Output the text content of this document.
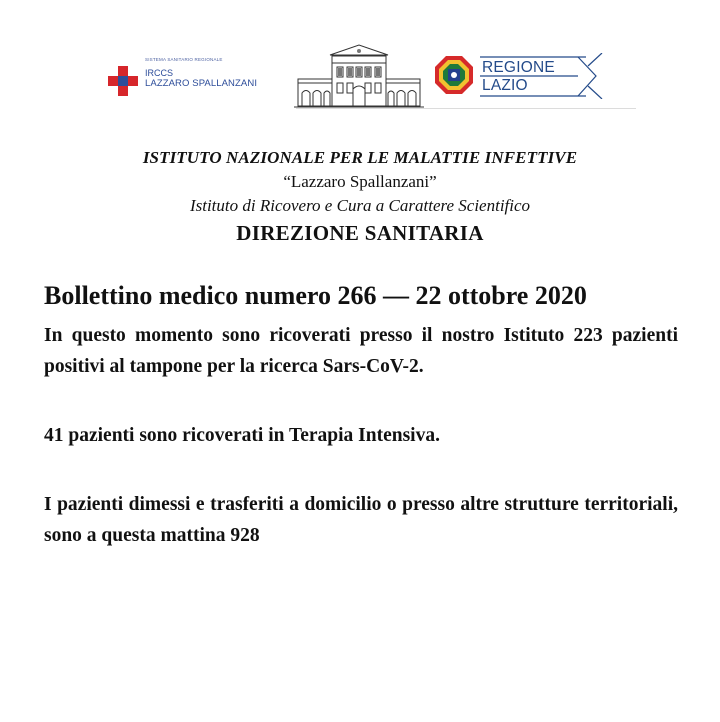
SISTEMA SANITARIO REGIONALE
IRCCS
LAZZARO SPALLANZANI
REGIONE
LAZIO
ISTITUTO NAZIONALE PER LE MALATTIE INFETTIVE
“Lazzaro Spallanzani”
Istituto di Ricovero e Cura a Carattere Scientifico
DIREZIONE SANITARIA

Bollettino medico numero 266 — 22 ottobre 2020

In questo momento sono ricoverati presso il nostro Istituto 223 pazienti positivi al tampone per la ricerca Sars-CoV-2.

41 pazienti sono ricoverati in Terapia Intensiva.

I pazienti dimessi e trasferiti a domicilio o presso altre strutture territoriali, sono a questa mattina 928
